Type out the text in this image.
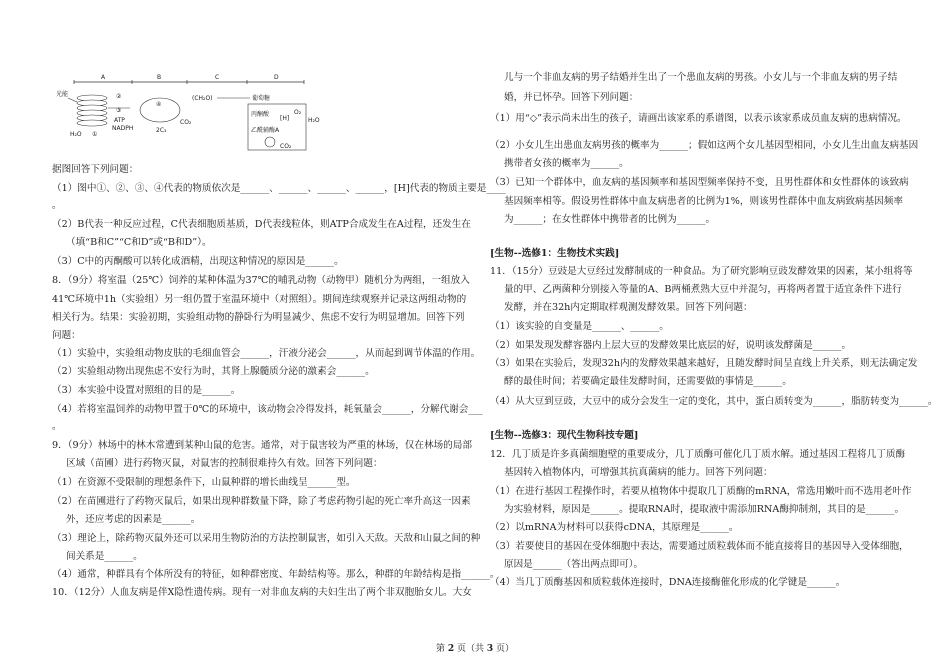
A	B	C	D
光能
H₂O ①
②
③
ATP
NADPH
④
2C₃
CO₂
(CH₂O)	葡萄糖
丙酮酸
[H]
O₂
H₂O
乙酰辅酶A
CO₂
据图回答下列问题：
（1）图中①、②、③、④代表的物质依次是______、______、______、______，[H]代表的物质主要是____
。
（2）B代表一种反应过程，C代表细胞质基质，D代表线粒体，则ATP合成发生在A过程，还发生在
（填“B和C”“C和D”或“B和D”）。
（3）C中的丙酮酸可以转化成酒精，出现这种情况的原因是______。
8．（9分）将室温（25℃）饲养的某种体温为37℃的哺乳动物（动物甲）随机分为两组，一组放入
41℃环境中1h（实验组）另一组仍置于室温环境中（对照组）。期间连续观察并记录这两组动物的
相关行为。结果：实验初期，实验组动物的静卧行为明显减少、焦虑不安行为明显增加。回答下列
问题：
（1）实验中，实验组动物皮肤的毛细血管会______，汗液分泌会______，从而起到调节体温的作用。
（2）实验组动物出现焦虑不安行为时，其肾上腺髓质分泌的激素会______。
（3）本实验中设置对照组的目的是______。
（4）若将室温饲养的动物甲置于0℃的环境中，该动物会冷得发抖，耗氧量会______，分解代谢会___
。
9．（9分）林场中的林木常遭到某种山鼠的危害。通常，对于鼠害较为严重的林场，仅在林场的局部
区域（苗圃）进行药物灭鼠，对鼠害的控制很难持久有效。回答下列问题：
（1）在资源不受限制的理想条件下，山鼠种群的增长曲线呈______型。
（2）在苗圃进行了药物灭鼠后，如果出现种群数量下降，除了考虑药物引起的死亡率升高这一因素
外，还应考虑的因素是______。
（3）理论上，除药物灭鼠外还可以采用生物防治的方法控制鼠害，如引入天敌。天敌和山鼠之间的种
间关系是______。
（4）通常，种群具有个体所没有的特征，如种群密度、年龄结构等。那么，种群的年龄结构是指______。
10．（12分）人血友病是伴X隐性遗传病。现有一对非血友病的夫妇生出了两个非双胞胎女儿。大女
儿与一个非血友病的男子结婚并生出了一个患血友病的男孩。小女儿与一个非血友病的男子结
婚，并已怀孕。回答下列问题：
（1）用“◇”表示尚未出生的孩子，请画出该家系的系谱图，以表示该家系成员血友病的患病情况。
（2）小女儿生出患血友病男孩的概率为______；假如这两个女儿基因型相同，小女儿生出血友病基因
携带者女孩的概率为______。
（3）已知一个群体中，血友病的基因频率和基因型频率保持不变，且男性群体和女性群体的该致病
基因频率相等。假设男性群体中血友病患者的比例为1%，则该男性群体中血友病致病基因频率
为______；在女性群体中携带者的比例为______。
[生物--选修1：生物技术实践]
11．（15分）豆豉是大豆经过发酵制成的一种食品。为了研究影响豆豉发酵效果的因素，某小组将等
量的甲、乙两菌种分别接入等量的A、B两桶煮熟大豆中并混匀，再将两者置于适宜条件下进行
发酵，并在32h内定期取样观测发酵效果。回答下列问题：
（1）该实验的自变量是______、______。
（2）如果发现发酵容器内上层大豆的发酵效果比底层的好，说明该发酵菌是______。
（3）如果在实验后，发现32h内的发酵效果越来越好，且随发酵时间呈直线上升关系，则无法确定发
酵的最佳时间；若要确定最佳发酵时间，还需要做的事情是______。
（4）从大豆到豆豉，大豆中的成分会发生一定的变化，其中，蛋白质转变为______，脂肪转变为______。
[生物--选修3：现代生物科技专题]
12．几丁质是许多真菌细胞壁的重要成分，几丁质酶可催化几丁质水解。通过基因工程将几丁质酶
基因转入植物体内，可增强其抗真菌病的能力。回答下列问题：
（1）在进行基因工程操作时，若要从植物体中提取几丁质酶的mRNA，常选用嫩叶而不选用老叶作
为实验材料，原因是______。提取RNA时，提取液中需添加RNA酶抑制剂，其目的是______。
（2）以mRNA为材料可以获得cDNA，其原理是______。
（3）若要使目的基因在受体细胞中表达，需要通过质粒载体而不能直接将目的基因导入受体细胞，
原因是______（答出两点即可）。
（4）当几丁质酶基因和质粒载体连接时，DNA连接酶催化形成的化学键是______。
第 2 页（共 3 页）
